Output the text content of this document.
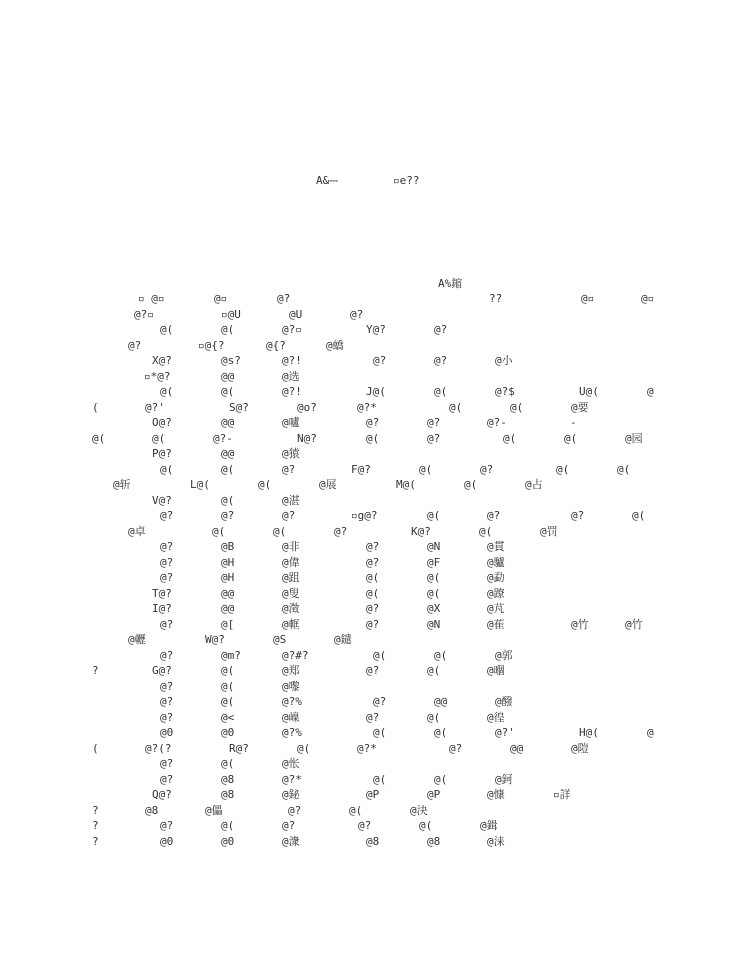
A&⎓	▫e??
A%鏥
▫ @▫	@▫	@?	??	@▫	@▫
@?▫	▫@U	@U	@?
@(	@(	@?▫	Y@?	@?
@?	▫@{?	@{?	@蟜
X@?	@s?	@?!	@?	@?	@小
▫*@?	@@	@选
@(	@(	@?!	J@(	@(	@?$	U@(	@
(	@?'	S@?	@o?	@?*	@(	@(	@要
O@?	@@	@嚧	@?	@?	@?-	-
@(	@(	@?-	N@?	@(	@?	@(	@(	@园
P@?	@@	@猿
@(	@(	@?	F@?	@(	@?	@(	@(
@斩	L@(	@(	@展	M@(	@(	@占
V@?	@(	@湛
@?	@?	@?	▫g@?	@(	@?	@?	@(
@卓	@(	@(	@?	K@?	@(	@罚
@?	@B	@非	@?	@N	@貫
@?	@H	@偉	@?	@F	@驢
@?	@H	@跙	@(	@(	@勐
T@?	@@	@叟	@(	@(	@蹽
I@?	@@	@澂	@?	@X	@芃
@?	@[	@軭	@?	@N	@萑	@竹	@竹
@轣	W@?	@S	@鑓
@?	@m?	@?#?	@(	@(	@郭
?	G@?	@(	@郑	@?	@(	@嗰
@?	@(	@嚟
@?	@(	@?%	@?	@@	@醱
@?	@<	@嵲	@?	@(	@徨
@0	@0	@?%	@(	@(	@?'	H@(	@
(	@?(?	R@?	@(	@?*	@?	@@	@隑
@?	@(	@怅
@?	@8	@?*	@(	@(	@鈳
Q@?	@8	@鉍	@P	@P	@慷	▫詳
?	@8	@儡	@?	@(	@決
?	@?	@(	@?	@?	@(	@鍓
?	@0	@0	@潨	@8	@8	@涞
